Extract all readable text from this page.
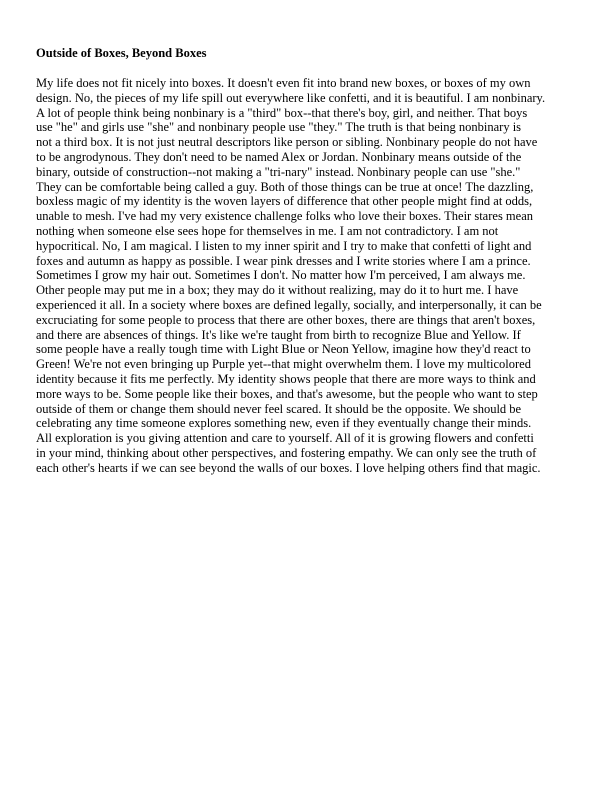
Outside of Boxes, Beyond Boxes
My life does not fit nicely into boxes. It doesn't even fit into brand new boxes, or boxes of my own
design. No, the pieces of my life spill out everywhere like confetti, and it is beautiful. I am nonbinary.
A lot of people think being nonbinary is a "third" box--that there's boy, girl, and neither. That boys
use "he" and girls use "she" and nonbinary people use "they." The truth is that being nonbinary is
not a third box. It is not just neutral descriptors like person or sibling. Nonbinary people do not have
to be angrodynous. They don't need to be named Alex or Jordan. Nonbinary means outside of the
binary, outside of construction--not making a "tri-nary" instead. Nonbinary people can use "she."
They can be comfortable being called a guy. Both of those things can be true at once! The dazzling,
boxless magic of my identity is the woven layers of difference that other people might find at odds,
unable to mesh. I've had my very existence challenge folks who love their boxes. Their stares mean
nothing when someone else sees hope for themselves in me. I am not contradictory. I am not
hypocritical. No, I am magical. I listen to my inner spirit and I try to make that confetti of light and
foxes and autumn as happy as possible. I wear pink dresses and I write stories where I am a prince.
Sometimes I grow my hair out. Sometimes I don't. No matter how I'm perceived, I am always me.
Other people may put me in a box; they may do it without realizing, may do it to hurt me. I have
experienced it all. In a society where boxes are defined legally, socially, and interpersonally, it can be
excruciating for some people to process that there are other boxes, there are things that aren't boxes,
and there are absences of things. It's like we're taught from birth to recognize Blue and Yellow. If
some people have a really tough time with Light Blue or Neon Yellow, imagine how they'd react to
Green! We're not even bringing up Purple yet--that might overwhelm them. I love my multicolored
identity because it fits me perfectly. My identity shows people that there are more ways to think and
more ways to be. Some people like their boxes, and that's awesome, but the people who want to step
outside of them or change them should never feel scared. It should be the opposite. We should be
celebrating any time someone explores something new, even if they eventually change their minds.
All exploration is you giving attention and care to yourself. All of it is growing flowers and confetti
in your mind, thinking about other perspectives, and fostering empathy. We can only see the truth of
each other's hearts if we can see beyond the walls of our boxes. I love helping others find that magic.
